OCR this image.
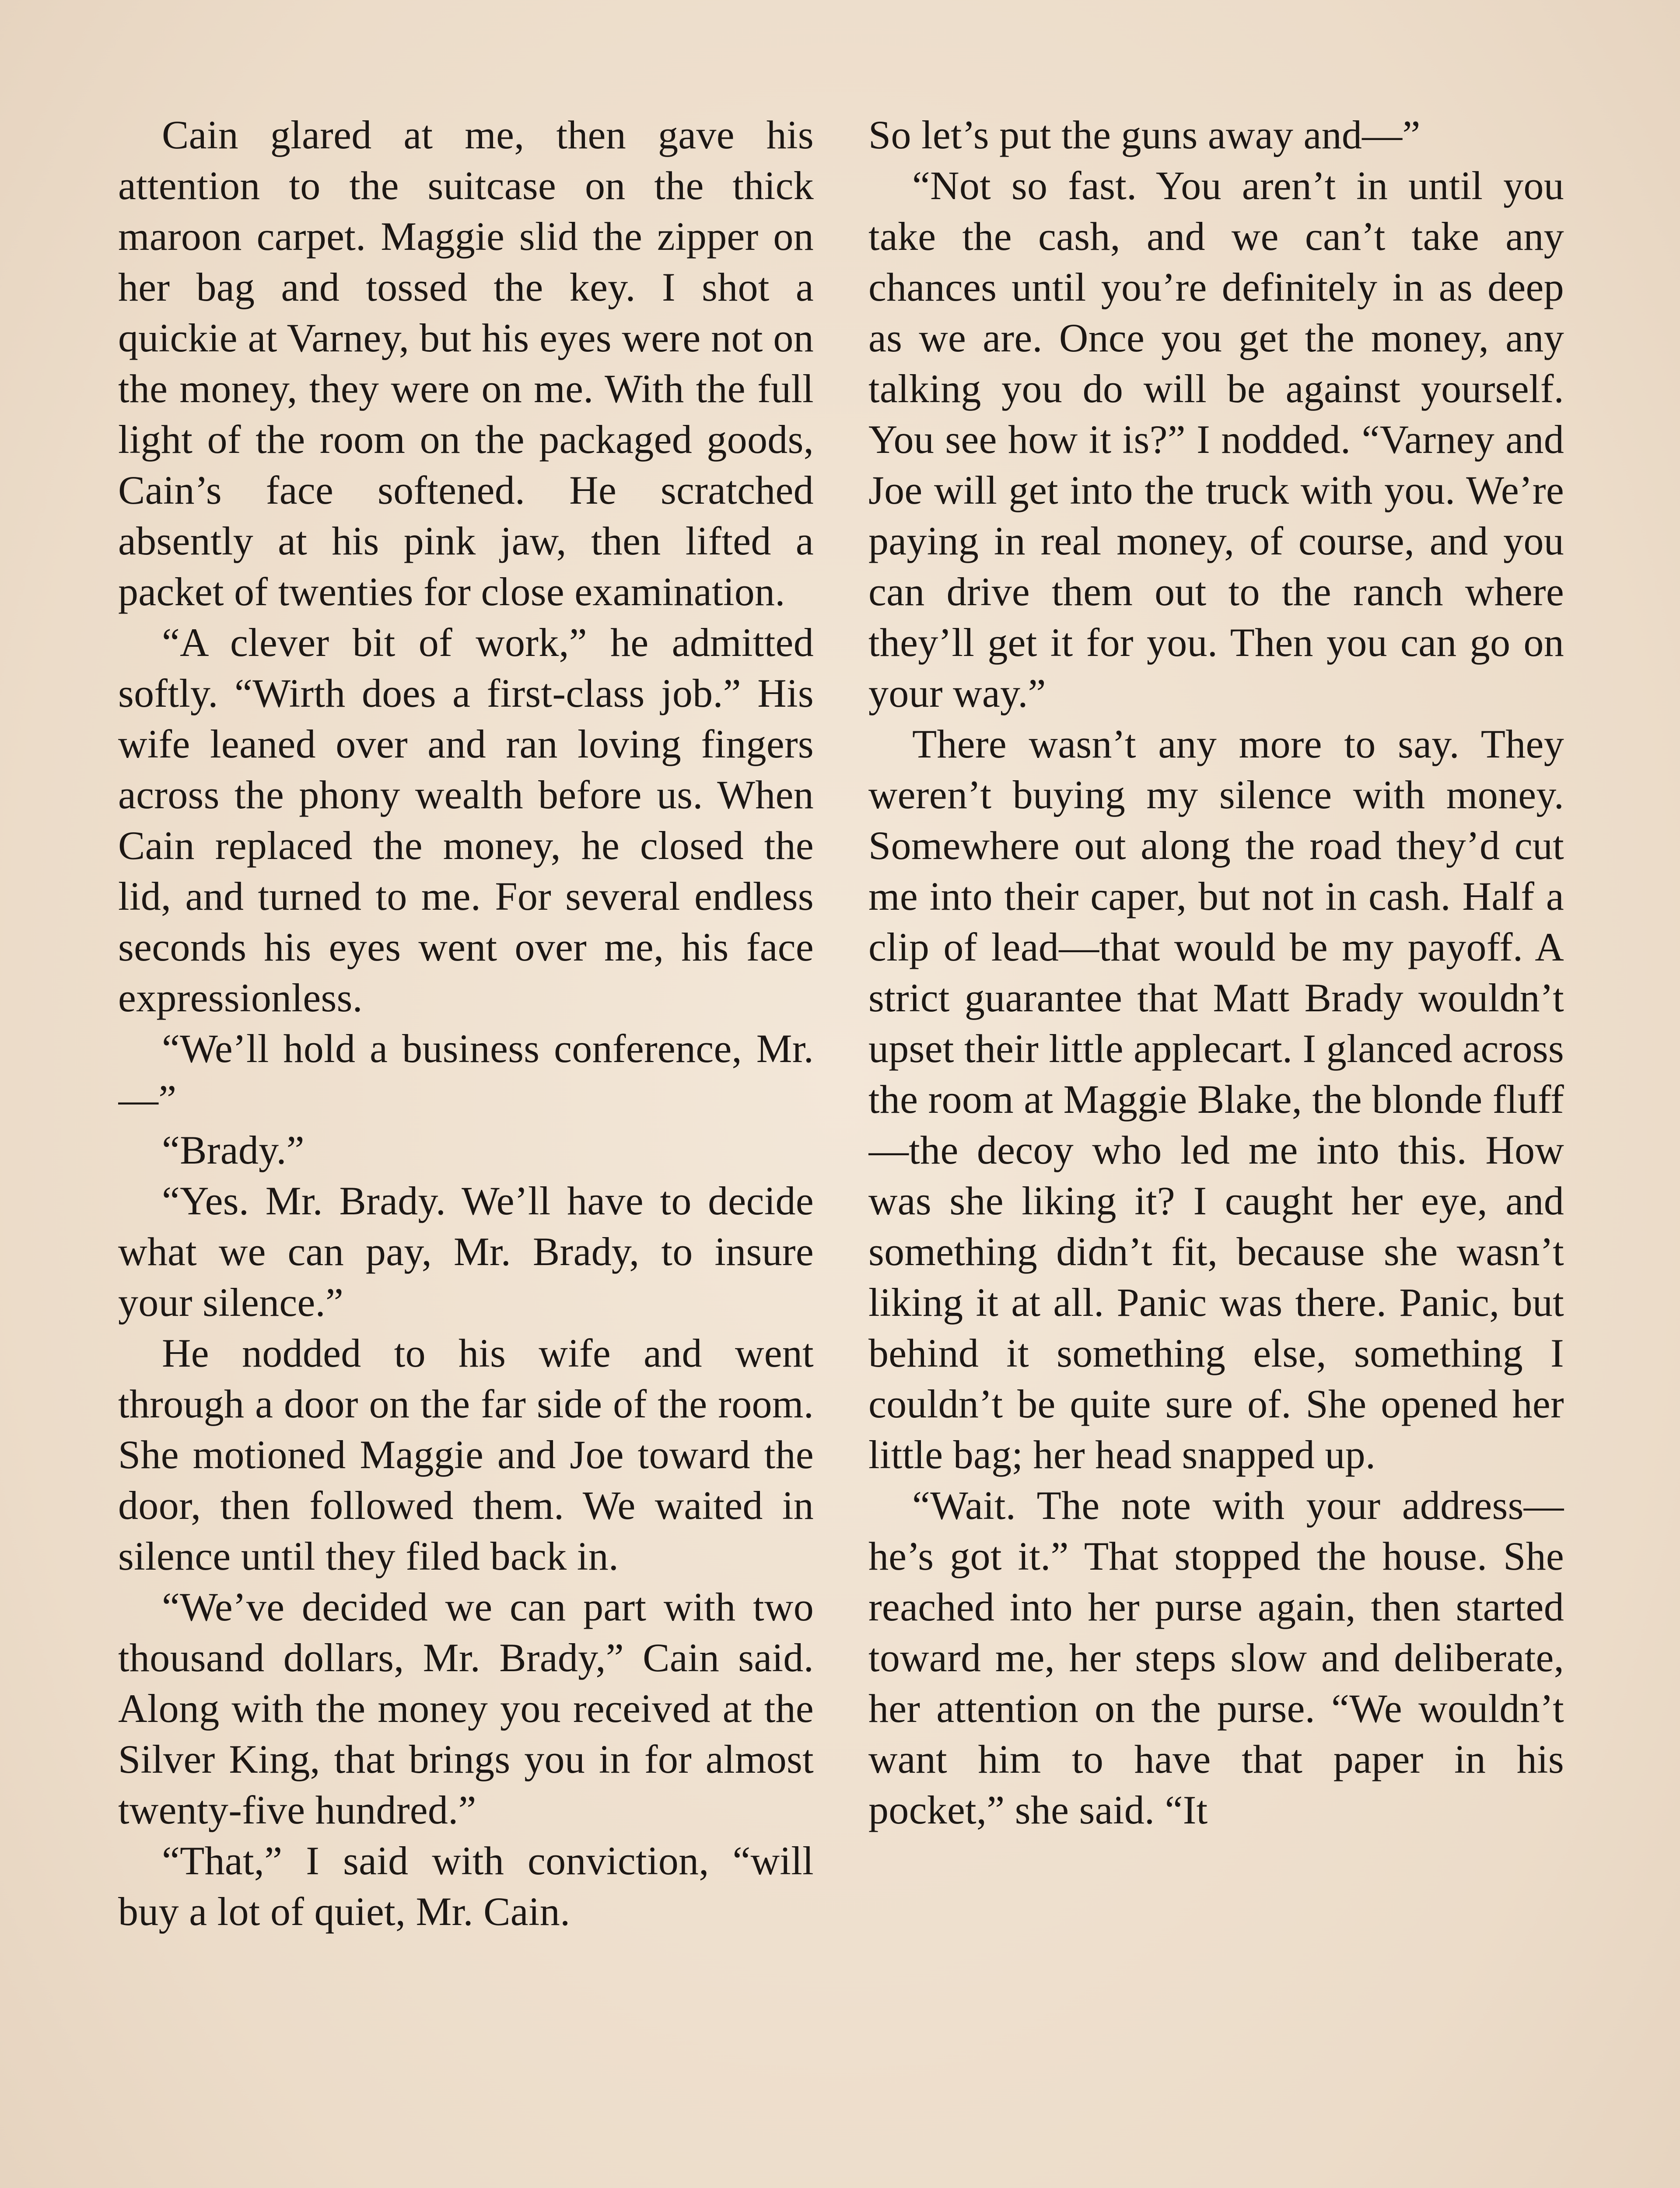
Cain glared at me, then gave his attention to the suitcase on the thick maroon carpet. Maggie slid the zipper on her bag and tossed the key. I shot a quickie at Varney, but his eyes were not on the money, they were on me. With the full light of the room on the packaged goods, Cain’s face softened. He scratched absently at his pink jaw, then lifted a packet of twenties for close examination.

“A clever bit of work,” he admitted softly. “Wirth does a first-class job.” His wife leaned over and ran loving fingers across the phony wealth before us. When Cain replaced the money, he closed the lid, and turned to me. For several endless seconds his eyes went over me, his face expressionless.

“We’ll hold a business conference, Mr.—”

“Brady.”

“Yes. Mr. Brady. We’ll have to decide what we can pay, Mr. Brady, to insure your silence.”

He nodded to his wife and went through a door on the far side of the room. She motioned Maggie and Joe toward the door, then followed them. We waited in silence until they filed back in.

“We’ve decided we can part with two thousand dollars, Mr. Brady,” Cain said. Along with the money you received at the Silver King, that brings you in for almost twenty-five hundred.”

“That,” I said with conviction, “will buy a lot of quiet, Mr. Cain.

So let’s put the guns away and—”

“Not so fast. You aren’t in until you take the cash, and we can’t take any chances until you’re definitely in as deep as we are. Once you get the money, any talking you do will be against yourself. You see how it is?” I nodded. “Varney and Joe will get into the truck with you. We’re paying in real money, of course, and you can drive them out to the ranch where they’ll get it for you. Then you can go on your way.”

There wasn’t any more to say. They weren’t buying my silence with money. Somewhere out along the road they’d cut me into their caper, but not in cash. Half a clip of lead—that would be my payoff. A strict guarantee that Matt Brady wouldn’t upset their little applecart. I glanced across the room at Maggie Blake, the blonde fluff—the decoy who led me into this. How was she liking it? I caught her eye, and something didn’t fit, because she wasn’t liking it at all. Panic was there. Panic, but behind it something else, something I couldn’t be quite sure of. She opened her little bag; her head snapped up.

“Wait. The note with your address—he’s got it.” That stopped the house. She reached into her purse again, then started toward me, her steps slow and deliberate, her attention on the purse. “We wouldn’t want him to have that paper in his pocket,” she said. “It
